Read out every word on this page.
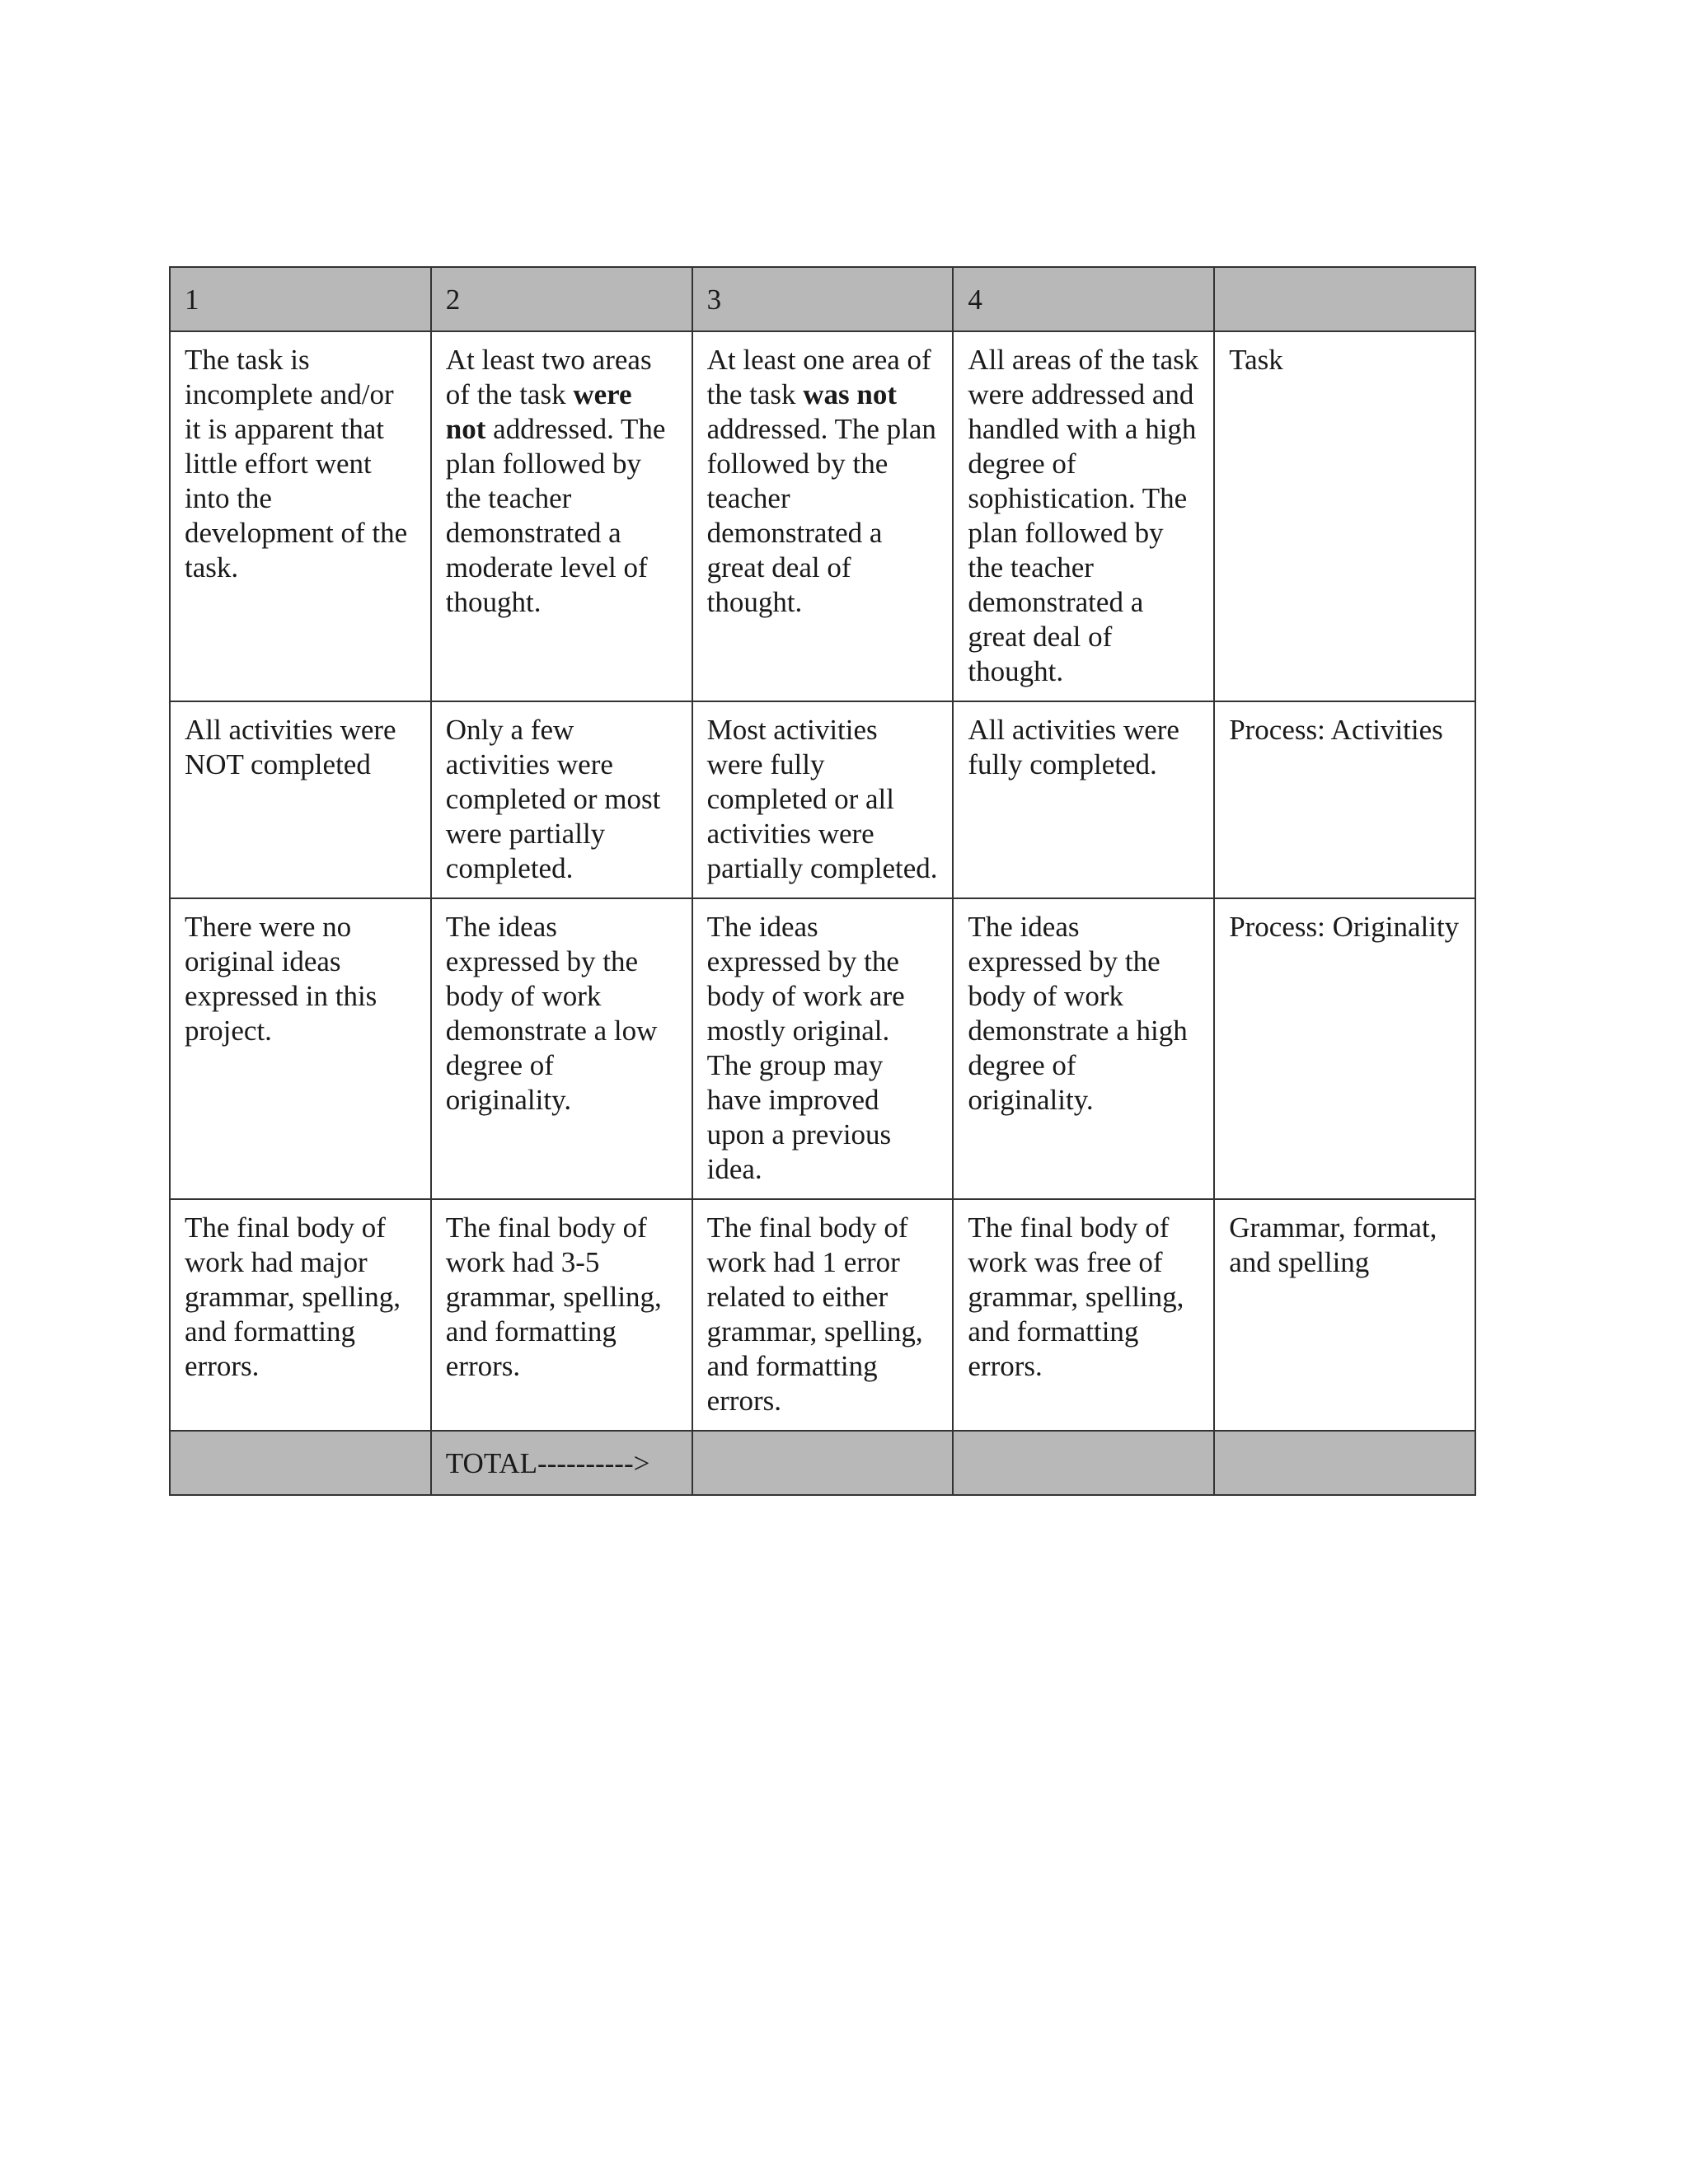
1	2	3	4	
The task is incomplete and/or it is apparent that little effort went into the development of the task.	At least two areas of the task were not addressed. The plan followed by the teacher demonstrated a moderate level of thought.	At least one area of the task was not addressed. The plan followed by the teacher demonstrated a great deal of thought.	All areas of the task were addressed and handled with a high degree of sophistication. The plan followed by the teacher demonstrated a great deal of thought.	Task
All activities were NOT completed	Only a few activities were completed or most were partially completed.	Most activities were fully completed or all activities were partially completed.	All activities were fully completed.	Process: Activities
There were no original ideas expressed in this project.	The ideas expressed by the body of work demonstrate a low degree of originality.	The ideas expressed by the body of work are mostly original. The group may have improved upon a previous idea.	The ideas expressed by the body of work demonstrate a high degree of originality.	Process: Originality
The final body of work had major grammar, spelling, and formatting errors.	The final body of work had 3-5 grammar, spelling, and formatting errors.	The final body of work had 1 error related to either grammar, spelling, and formatting errors.	The final body of work was free of grammar, spelling, and formatting errors.	Grammar, format, and spelling
	TOTAL---------->			
